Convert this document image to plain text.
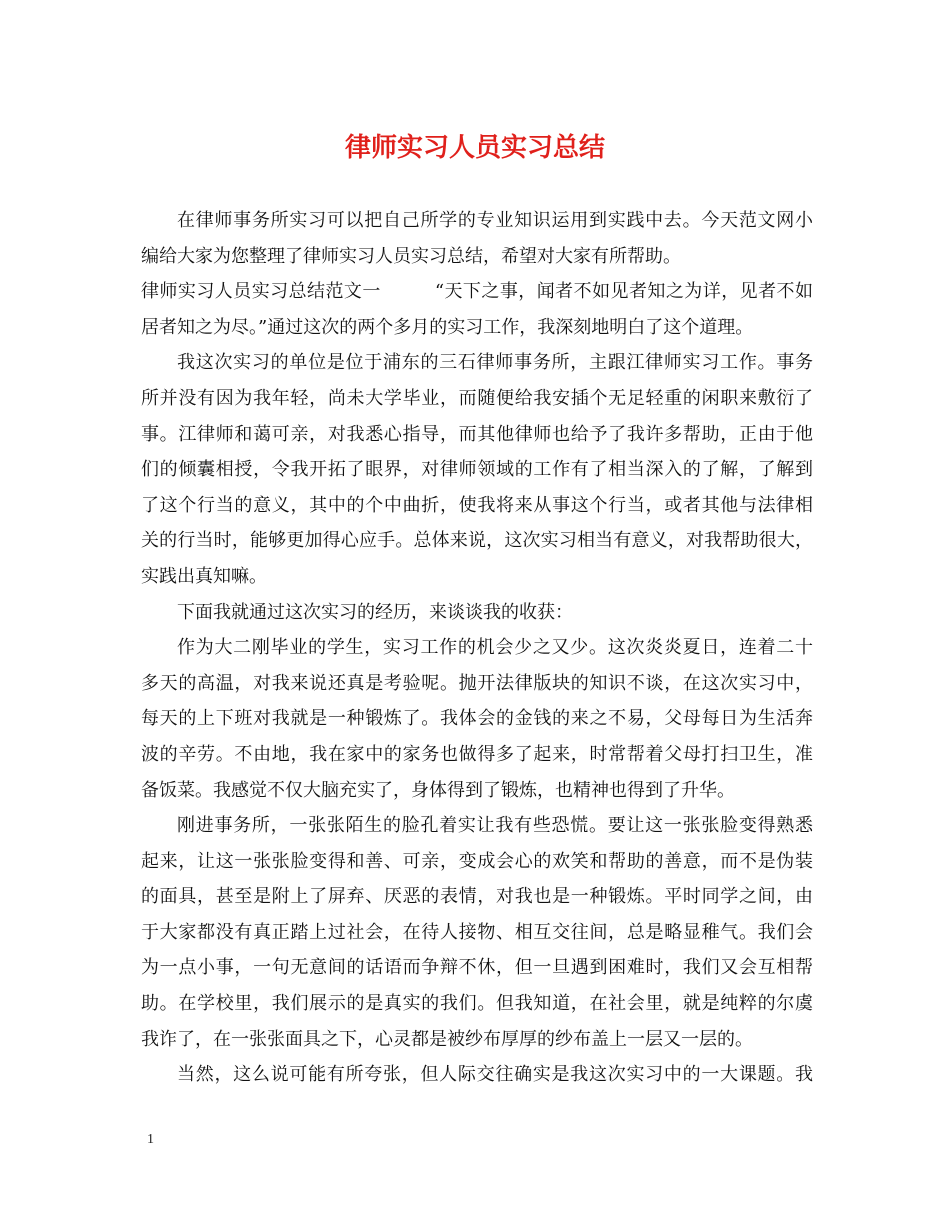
律师实习人员实习总结
在律师事务所实习可以把自己所学的专业知识运用到实践中去。今天范文网小
编给大家为您整理了律师实习人员实习总结，希望对大家有所帮助。
律师实习人员实习总结范文一	“天下之事，闻者不如见者知之为详，见者不如
居者知之为尽。”通过这次的两个多月的实习工作，我深刻地明白了这个道理。
我这次实习的单位是位于浦东的三石律师事务所，主跟江律师实习工作。事务
所并没有因为我年轻，尚未大学毕业，而随便给我安插个无足轻重的闲职来敷衍了
事。江律师和蔼可亲，对我悉心指导，而其他律师也给予了我许多帮助，正由于他
们的倾囊相授，令我开拓了眼界，对律师领域的工作有了相当深入的了解，了解到
了这个行当的意义，其中的个中曲折，使我将来从事这个行当，或者其他与法律相
关的行当时，能够更加得心应手。总体来说，这次实习相当有意义，对我帮助很大，
实践出真知嘛。
下面我就通过这次实习的经历，来谈谈我的收获：
作为大二刚毕业的学生，实习工作的机会少之又少。这次炎炎夏日，连着二十
多天的高温，对我来说还真是考验呢。抛开法律版块的知识不谈，在这次实习中，
每天的上下班对我就是一种锻炼了。我体会的金钱的来之不易，父母每日为生活奔
波的辛劳。不由地，我在家中的家务也做得多了起来，时常帮着父母打扫卫生，准
备饭菜。我感觉不仅大脑充实了，身体得到了锻炼，也精神也得到了升华。
刚进事务所，一张张陌生的脸孔着实让我有些恐慌。要让这一张张脸变得熟悉
起来，让这一张张脸变得和善、可亲，变成会心的欢笑和帮助的善意，而不是伪装
的面具，甚至是附上了屏弃、厌恶的表情，对我也是一种锻炼。平时同学之间，由
于大家都没有真正踏上过社会，在待人接物、相互交往间，总是略显稚气。我们会
为一点小事，一句无意间的话语而争辩不休，但一旦遇到困难时，我们又会互相帮
助。在学校里，我们展示的是真实的我们。但我知道，在社会里，就是纯粹的尔虞
我诈了，在一张张面具之下，心灵都是被纱布厚厚的纱布盖上一层又一层的。
当然，这么说可能有所夸张，但人际交往确实是我这次实习中的一大课题。我
1
